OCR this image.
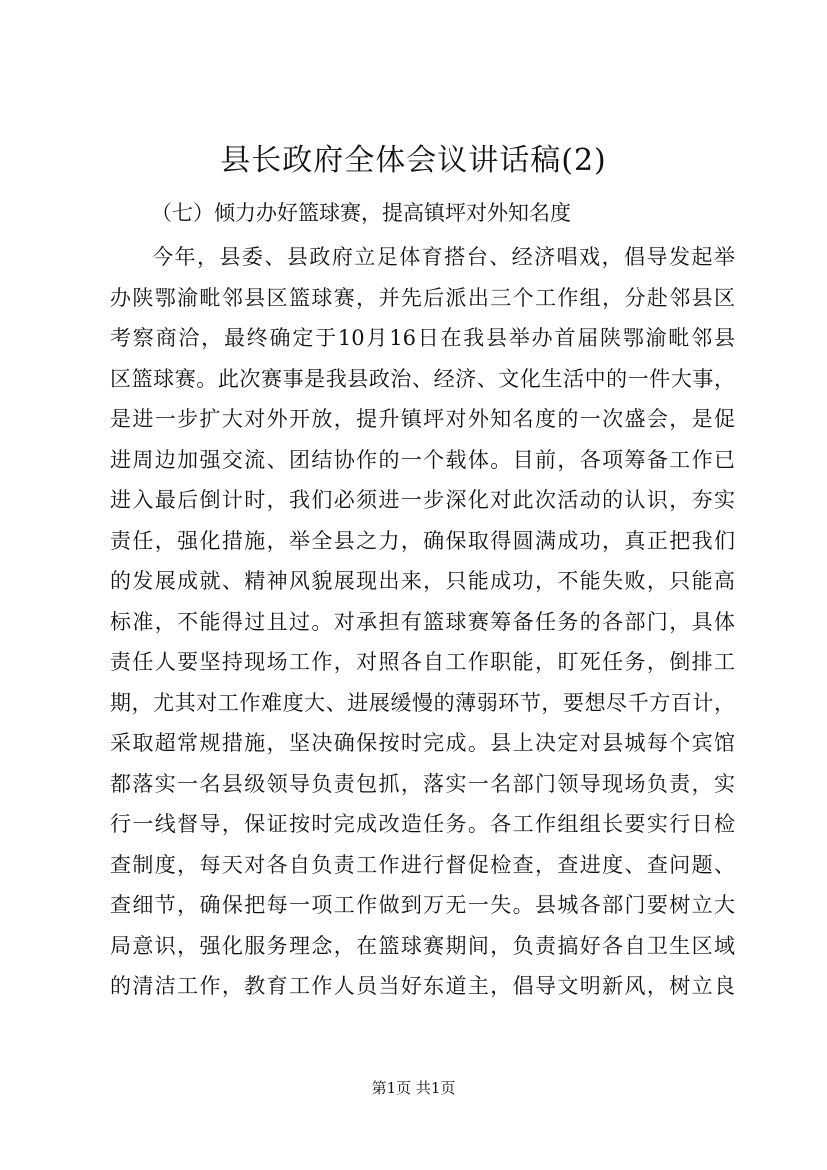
县长政府全体会议讲话稿(2)

（七）倾力办好篮球赛，提高镇坪对外知名度

今年，县委、县政府立足体育搭台、经济唱戏，倡导发起举
办陕鄂渝毗邻县区篮球赛，并先后派出三个工作组，分赴邻县区
考察商洽，最终确定于10月16日在我县举办首届陕鄂渝毗邻县
区篮球赛。此次赛事是我县政治、经济、文化生活中的一件大事，
是进一步扩大对外开放，提升镇坪对外知名度的一次盛会，是促
进周边加强交流、团结协作的一个载体。目前，各项筹备工作已
进入最后倒计时，我们必须进一步深化对此次活动的认识，夯实
责任，强化措施，举全县之力，确保取得圆满成功，真正把我们
的发展成就、精神风貌展现出来，只能成功，不能失败，只能高
标准，不能得过且过。对承担有篮球赛筹备任务的各部门，具体
责任人要坚持现场工作，对照各自工作职能，盯死任务，倒排工
期，尤其对工作难度大、进展缓慢的薄弱环节，要想尽千方百计，
采取超常规措施，坚决确保按时完成。县上决定对县城每个宾馆
都落实一名县级领导负责包抓，落实一名部门领导现场负责，实
行一线督导，保证按时完成改造任务。各工作组组长要实行日检
查制度，每天对各自负责工作进行督促检查，查进度、查问题、
查细节，确保把每一项工作做到万无一失。县城各部门要树立大
局意识，强化服务理念，在篮球赛期间，负责搞好各自卫生区域
的清洁工作，教育工作人员当好东道主，倡导文明新风，树立良
第1页 共1页
